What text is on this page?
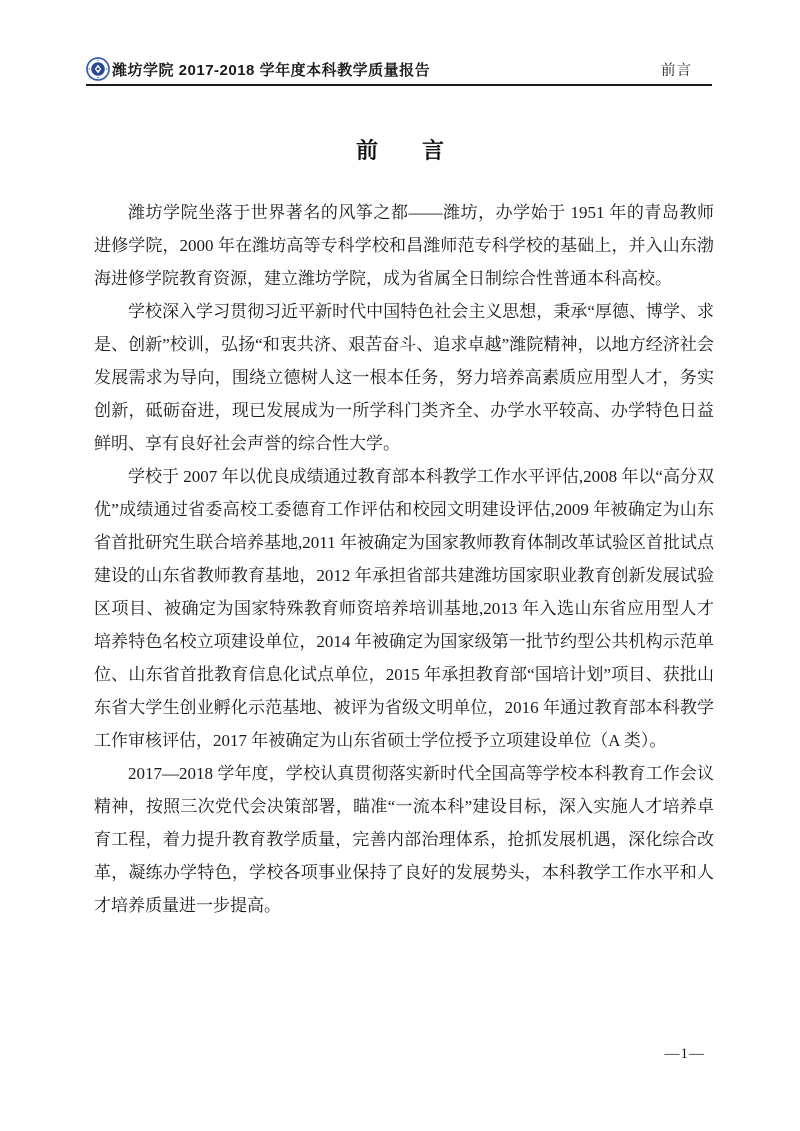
潍坊学院 2017-2018 学年度本科教学质量报告	前言
前　　言

潍坊学院坐落于世界著名的风筝之都——潍坊，办学始于 1951 年的青岛教师进修学院，2000 年在潍坊高等专科学校和昌潍师范专科学校的基础上，并入山东渤海进修学院教育资源，建立潍坊学院，成为省属全日制综合性普通本科高校。

学校深入学习贯彻习近平新时代中国特色社会主义思想，秉承“厚德、博学、求是、创新”校训，弘扬“和衷共济、艰苦奋斗、追求卓越”潍院精神，以地方经济社会发展需求为导向，围绕立德树人这一根本任务，努力培养高素质应用型人才，务实创新，砥砺奋进，现已发展成为一所学科门类齐全、办学水平较高、办学特色日益鲜明、享有良好社会声誉的综合性大学。

学校于 2007 年以优良成绩通过教育部本科教学工作水平评估,2008 年以“高分双优”成绩通过省委高校工委德育工作评估和校园文明建设评估,2009 年被确定为山东省首批研究生联合培养基地,2011 年被确定为国家教师教育体制改革试验区首批试点建设的山东省教师教育基地，2012 年承担省部共建潍坊国家职业教育创新发展试验区项目、被确定为国家特殊教育师资培养培训基地,2013 年入选山东省应用型人才培养特色名校立项建设单位，2014 年被确定为国家级第一批节约型公共机构示范单位、山东省首批教育信息化试点单位，2015 年承担教育部“国培计划”项目、获批山东省大学生创业孵化示范基地、被评为省级文明单位，2016 年通过教育部本科教学工作审核评估，2017 年被确定为山东省硕士学位授予立项建设单位（A 类）。

2017—2018 学年度，学校认真贯彻落实新时代全国高等学校本科教育工作会议精神，按照三次党代会决策部署，瞄准“一流本科”建设目标，深入实施人才培养卓育工程，着力提升教育教学质量，完善内部治理体系，抢抓发展机遇，深化综合改革，凝练办学特色，学校各项事业保持了良好的发展势头，本科教学工作水平和人才培养质量进一步提高。

—1—
